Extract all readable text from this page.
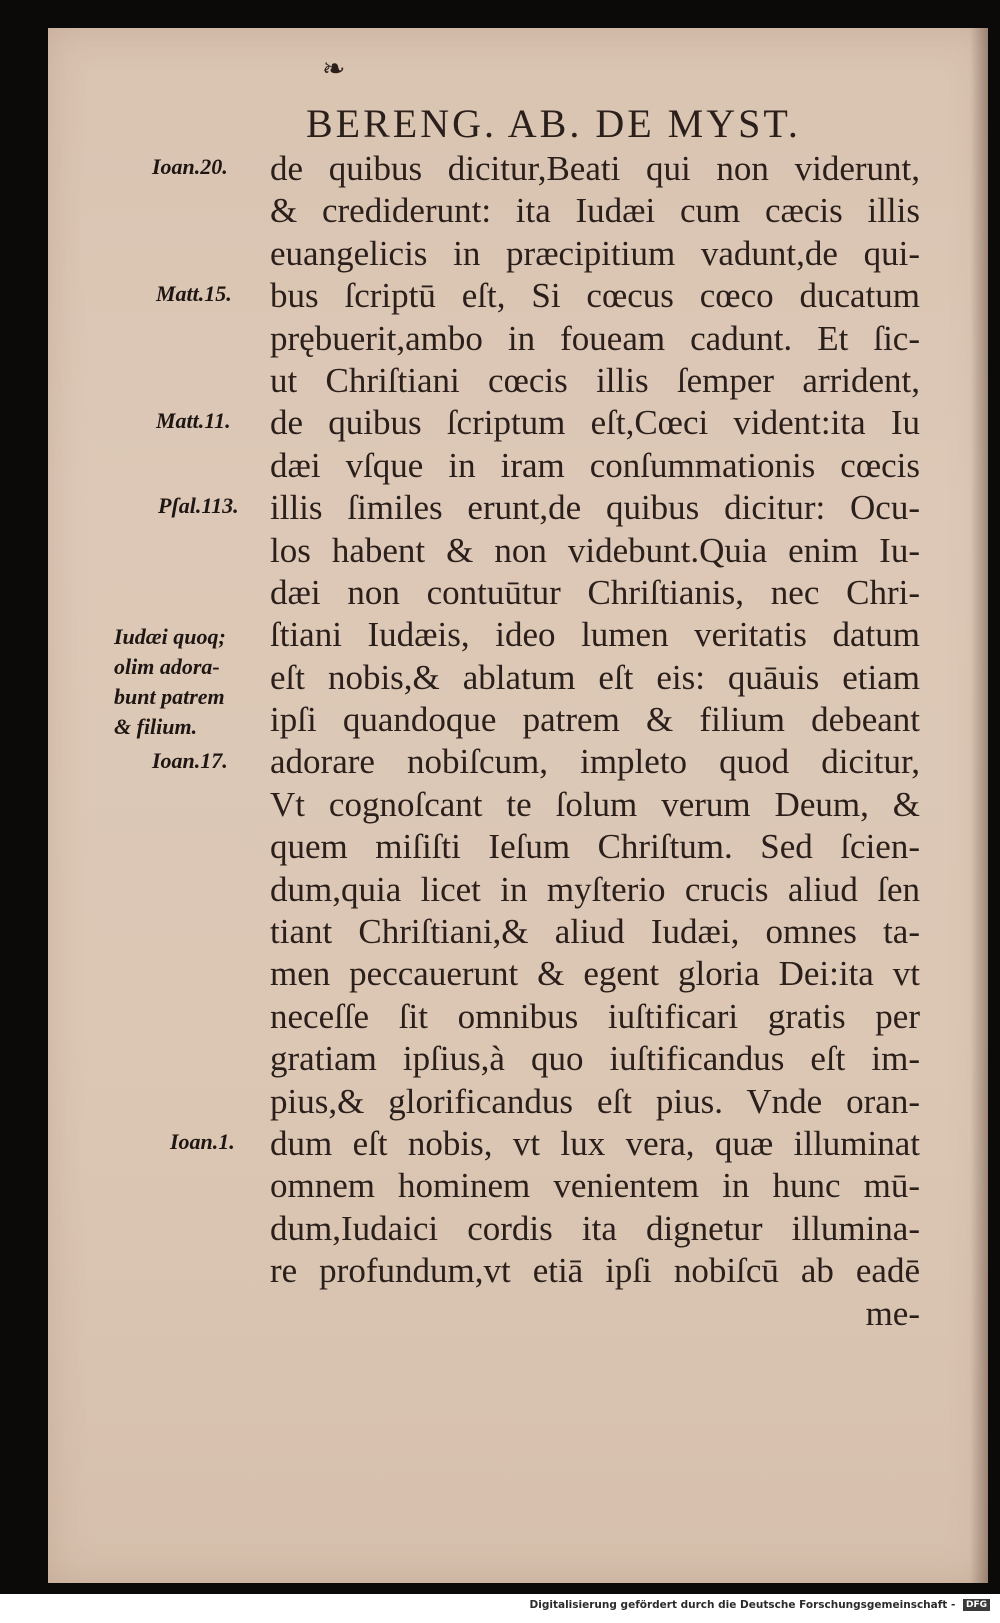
❧
BERENG. AB. DE MYST.
Ioan.20.
Matt.15.
Matt.11.
Pſal.113.
Ioan.17.
Ioan.1.
Iudæi quoq;
olim adora-
bunt patrem
& filium.
de quibus dicitur,Beati qui non viderunt,
& crediderunt: ita Iudæi cum cæcis illis
euangelicis in præcipitium vadunt,de qui-
bus ſcriptū eſt, Si cœcus cœco ducatum
prębuerit,ambo in foueam cadunt. Et ſic-
ut Chriſtiani cœcis illis ſemper arrident,
de quibus ſcriptum eſt,Cœci vident:ita Iu
dæi vſque in iram conſummationis cœcis
illis ſimiles erunt,de quibus dicitur: Ocu-
los habent & non videbunt.Quia enim Iu-
dæi non contuūtur Chriſtianis, nec Chri-
ſtiani Iudæis, ideo lumen veritatis datum
eſt nobis,& ablatum eſt eis: quāuis etiam
ipſi quandoque patrem & filium debeant
adorare nobiſcum, impleto quod dicitur,
Vt cognoſcant te ſolum verum Deum, &
quem miſiſti Ieſum Chriſtum. Sed ſcien-
dum,quia licet in myſterio crucis aliud ſen
tiant Chriſtiani,& aliud Iudæi, omnes ta-
men peccauerunt & egent gloria Dei:ita vt
neceſſe ſit omnibus iuſtificari gratis per
gratiam ipſius,à quo iuſtificandus eſt im-
pius,& glorificandus eſt pius. Vnde oran-
dum eſt nobis, vt lux vera, quæ illuminat
omnem hominem venientem in hunc mū-
dum,Iudaici cordis ita dignetur illumina-
re profundum,vt etiā ipſi nobiſcū ab eadē
me-
Digitalisierung gefördert durch die Deutsche Forschungsgemeinschaft - DFG
